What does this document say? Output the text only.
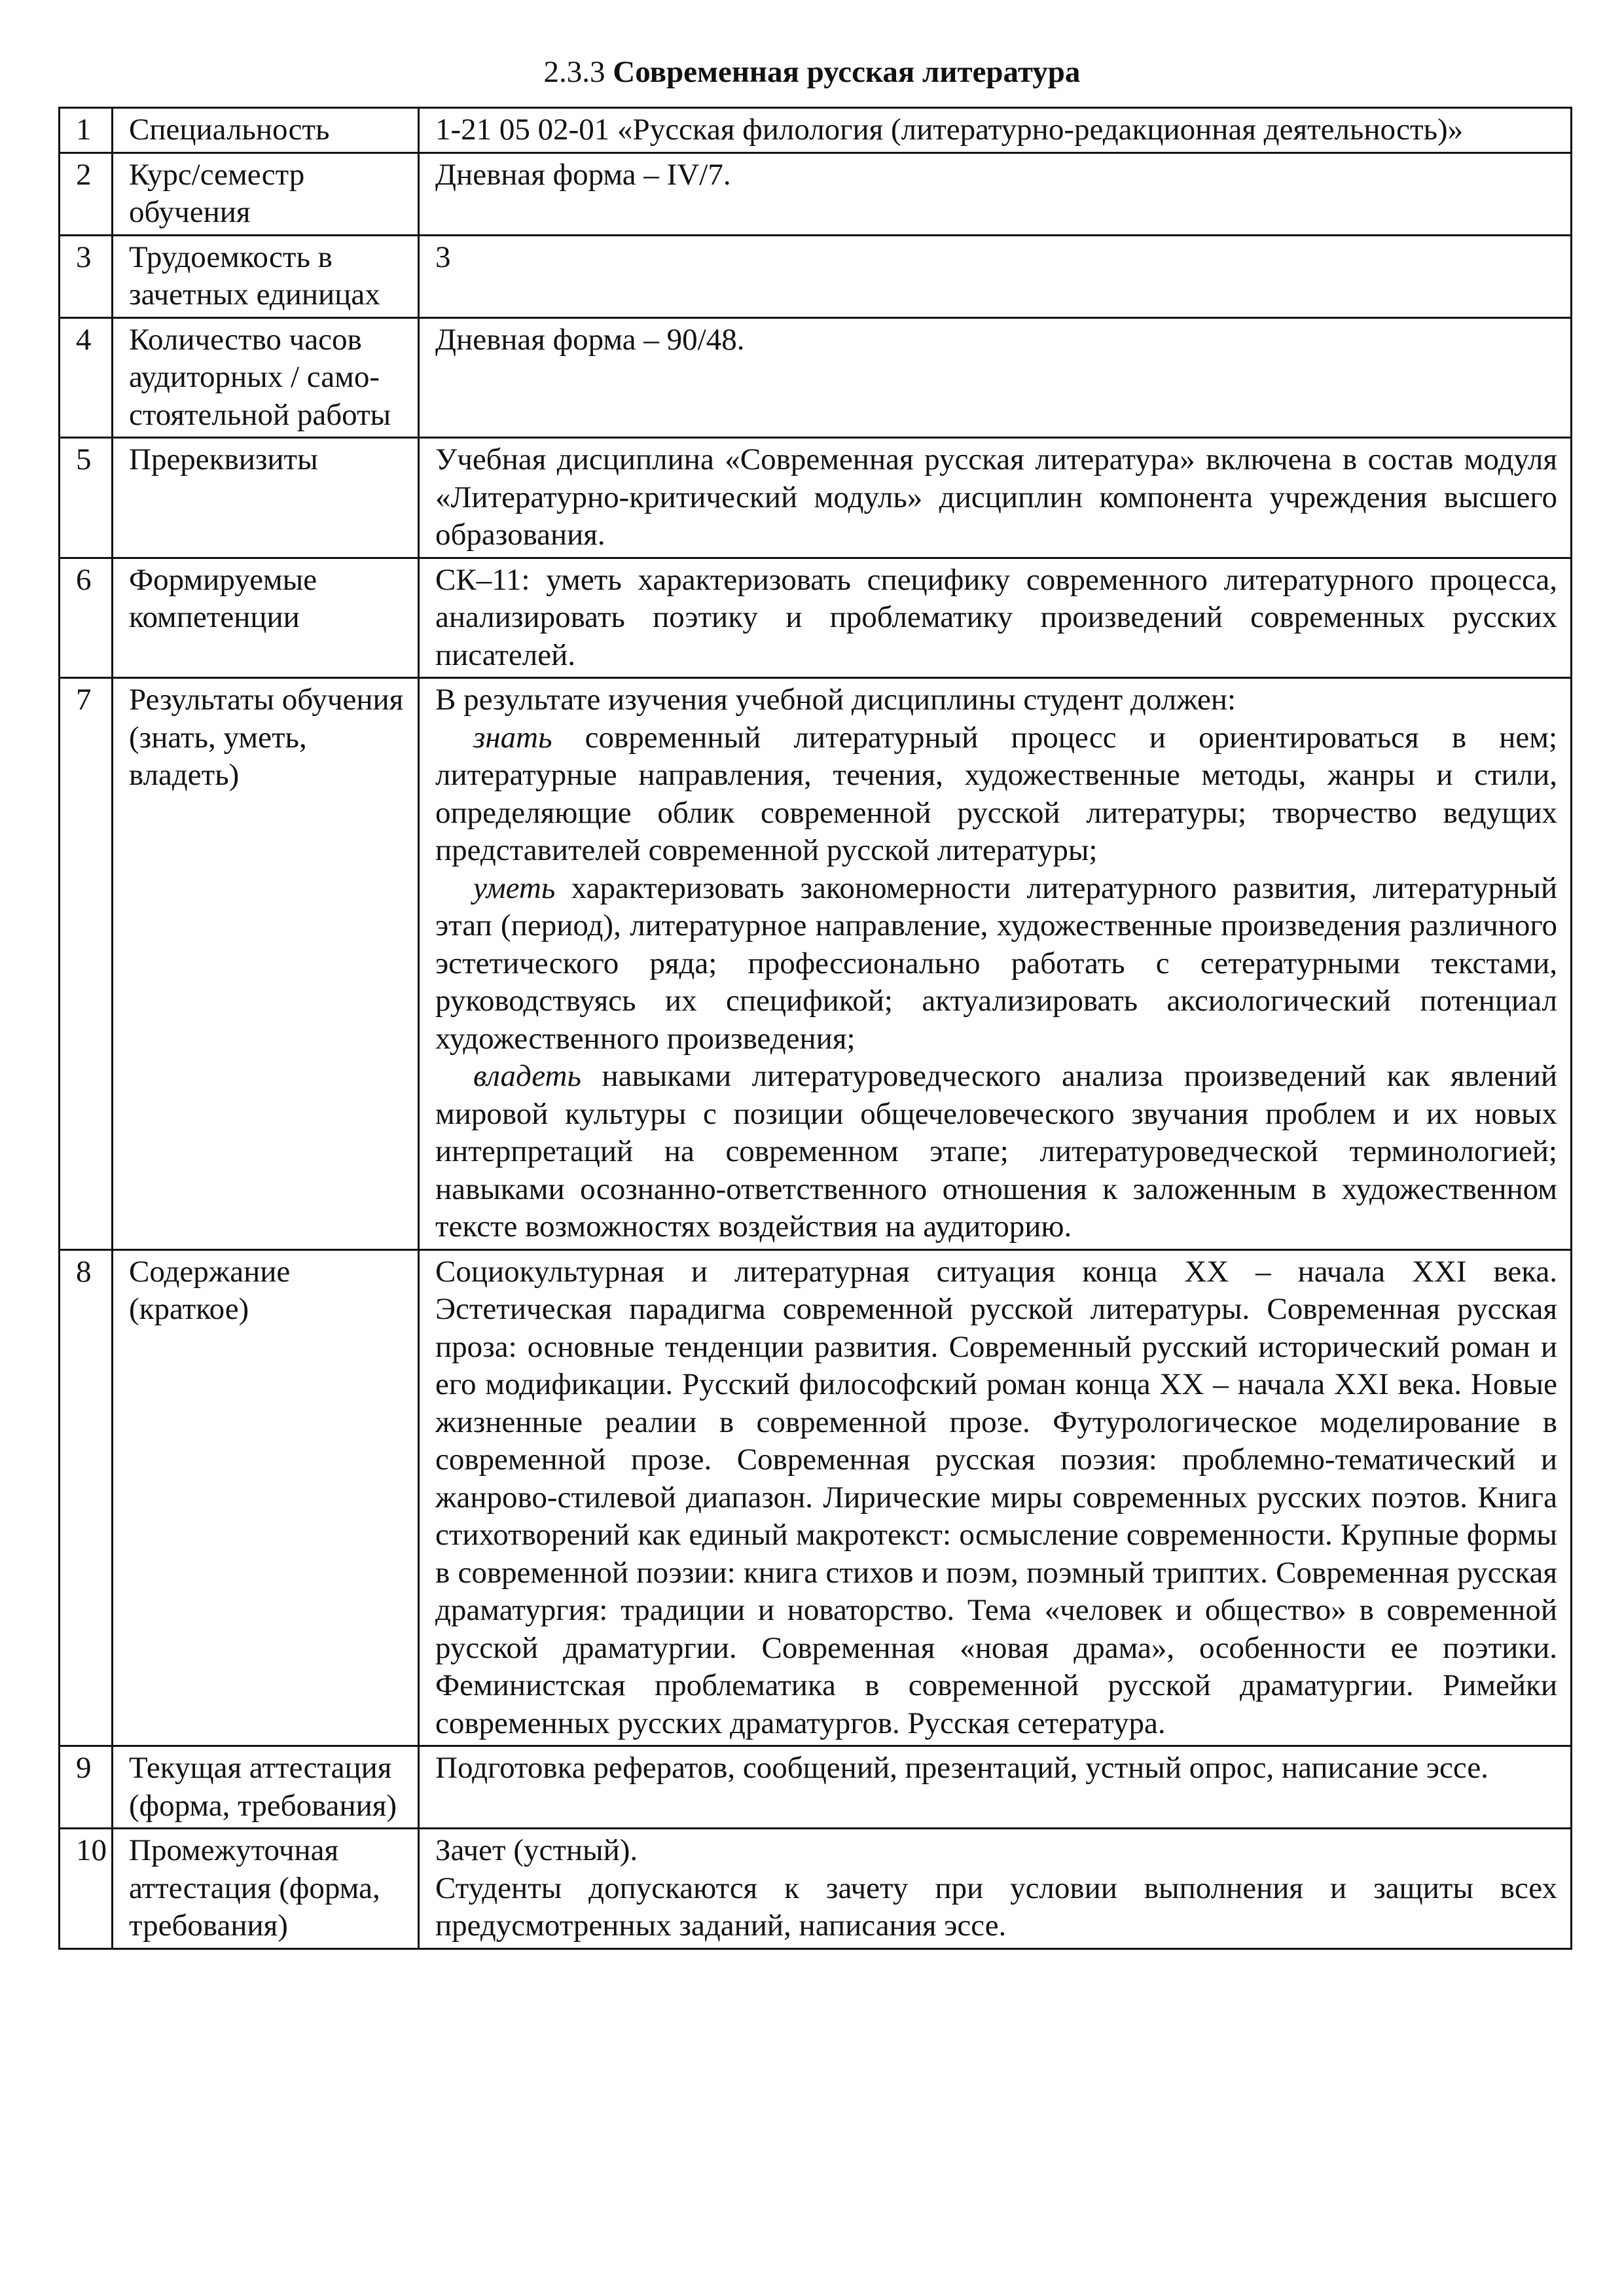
2.3.3 Современная русская литература
1	Специальность	1-21 05 02-01 «Русская филология (литературно-редакционная деятельность)»
2	Курс/семестр обучения	Дневная форма – IV/7.
3	Трудоемкость в зачетных единицах	3
4	Количество часов аудиторных / само-стоятельной работы	Дневная форма – 90/48.
5	Пререквизиты	Учебная дисциплина «Современная русская литература» включена в состав модуля «Литературно-критический модуль» дисциплин компонента учреждения высшего образования.
6	Формируемые компетенции	СК–11: уметь характеризовать специфику современного литературного процесса, анализировать поэтику и проблематику произведений современных русских писателей.
7	Результаты обучения (знать, уметь, владеть)	В результате изучения учебной дисциплины студент должен:
знать современный литературный процесс и ориентироваться в нем; литературные направления, течения, художественные методы, жанры и стили, определяющие облик современной русской литературы; творчество ведущих представителей современной русской литературы;
уметь характеризовать закономерности литературного развития, литературный этап (период), литературное направление, художественные произведения различного эстетического ряда; профессионально работать с сетературными текстами, руководствуясь их спецификой; актуализировать аксиологический потенциал художественного произведения;
владеть навыками литературоведческого анализа произведений как явлений мировой культуры с позиции общечеловеческого звучания проблем и их новых интерпретаций на современном этапе; литературоведческой терминологией; навыками осознанно-ответственного отношения к заложенным в художественном тексте возможностях воздействия на аудиторию.

8	Содержание (краткое)	Социокультурная и литературная ситуация конца XX – начала XXI века. Эстетическая парадигма современной русской литературы. Современная русская проза: основные тенденции развития. Современный русский исторический роман и его модификации. Русский философский роман конца XX – начала XXI века. Новые жизненные реалии в современной прозе. Футурологическое моделирование в современной прозе. Современная русская поэзия: проблемно-тематический и жанрово-стилевой диапазон. Лирические миры современных русских поэтов. Книга стихотворений как единый макротекст: осмысление современности. Крупные формы в современной поэзии: книга стихов и поэм, поэмный триптих. Современная русская драматургия: традиции и новаторство. Тема «человек и общество» в современной русской драматургии. Современная «новая драма», особенности ее поэтики. Феминистская проблематика в современной русской драматургии. Римейки современных русских драматургов. Русская сетература.
9	Текущая аттестация (форма, требования)	Подготовка рефератов, сообщений, презентаций, устный опрос, написание эссе.
10	Промежуточная аттестация (форма, требования)	Зачет (устный).
Студенты допускаются к зачету при условии выполнения и защиты всех предусмотренных заданий, написания эссе.
